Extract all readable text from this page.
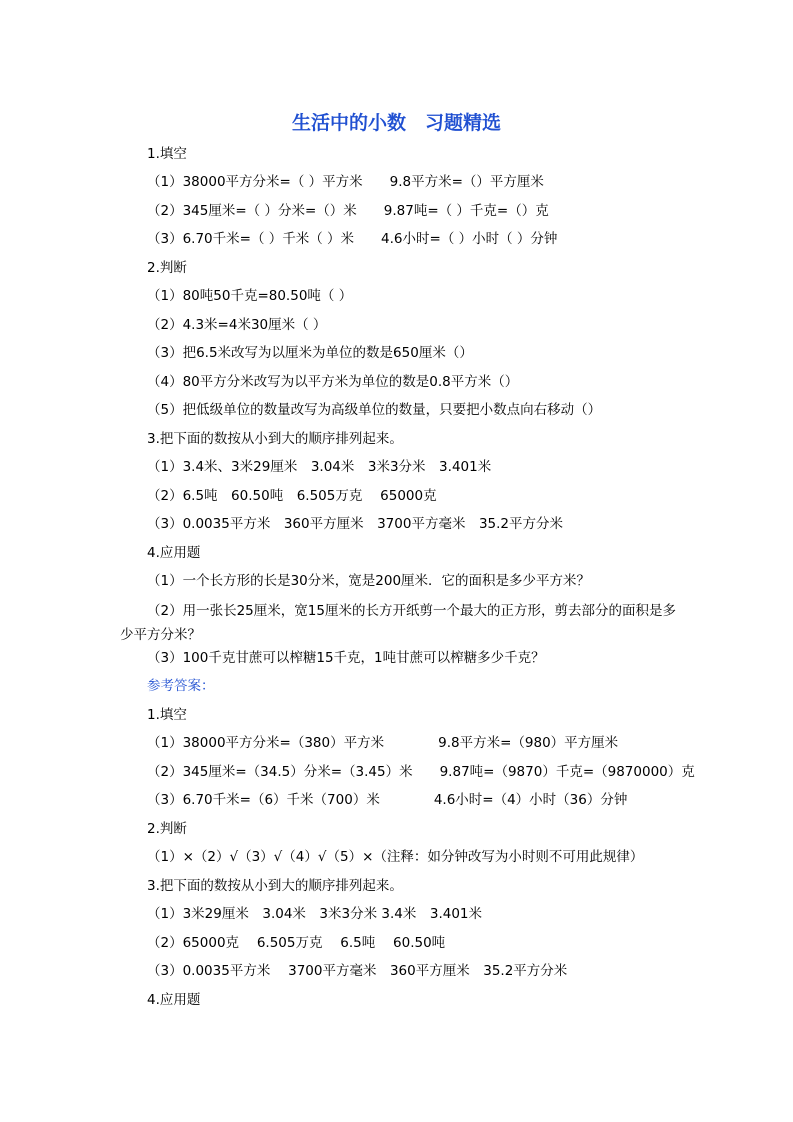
生活中的小数　习题精选
1.填空
（1）38000平方分米=（ ）平方米　　9.8平方米=（）平方厘米
（2）345厘米=（ ）分米=（）米　　9.87吨=（ ）千克=（）克
（3）6.70千米=（ ）千米（ ）米　　4.6小时=（ ）小时（ ）分钟
2.判断
（1）80吨50千克=80.50吨（ ）
（2）4.3米=4米30厘米（ ）
（3）把6.5米改写为以厘米为单位的数是650厘米（）
（4）80平方分米改写为以平方米为单位的数是0.8平方米（）
（5）把低级单位的数量改写为高级单位的数量，只要把小数点向右移动（）
3.把下面的数按从小到大的顺序排列起来。
（1）3.4米、3米29厘米　3.04米　3米3分米　3.401米
（2）6.5吨　60.50吨　6.505万克　 65000克
（3）0.0035平方米　360平方厘米　3700平方毫米　35.2平方分米
4.应用题
（1）一个长方形的长是30分米，宽是200厘米．它的面积是多少平方米？
（2）用一张长25厘米，宽15厘米的长方开纸剪一个最大的正方形，剪去部分的面积是多少平方分米？
（3）100千克甘蔗可以榨糖15千克，1吨甘蔗可以榨糖多少千克？
参考答案：
1.填空
（1）38000平方分米=（380）平方米　　　　9.8平方米=（980）平方厘米
（2）345厘米=（34.5）分米=（3.45）米　　9.87吨=（9870）千克=（9870000）克
（3）6.70千米=（6）千米（700）米　　　　4.6小时=（4）小时（36）分钟
2.判断
（1）×（2）√（3）√（4）√（5）×（注释：如分钟改写为小时则不可用此规律）
3.把下面的数按从小到大的顺序排列起来。
（1）3米29厘米　3.04米　3米3分米 3.4米　3.401米
（2）65000克　 6.505万克　 6.5吨　 60.50吨
（3）0.0035平方米　 3700平方毫米　360平方厘米　35.2平方分米
4.应用题
